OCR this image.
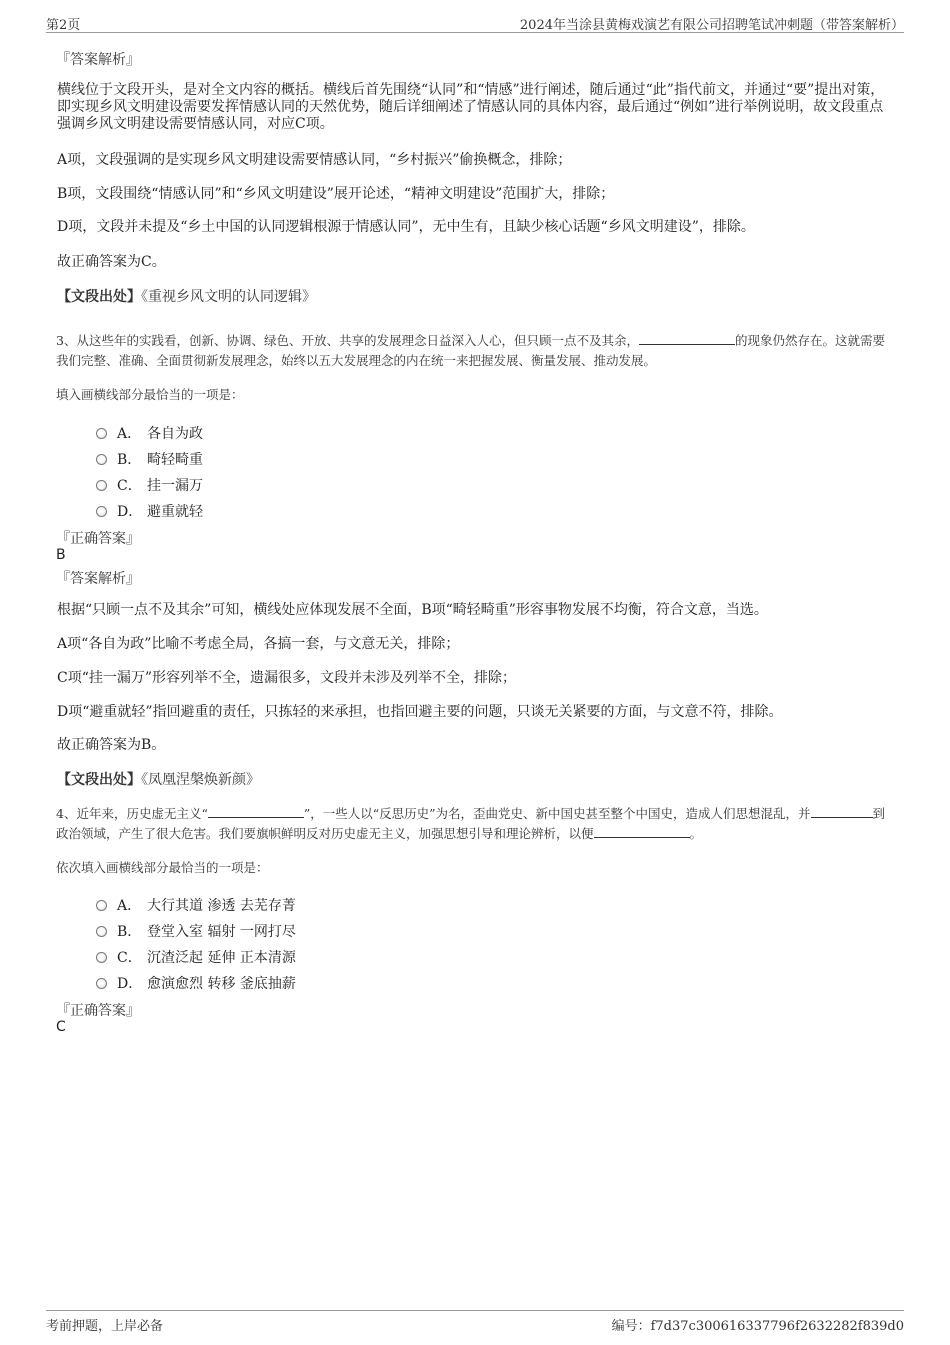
第2页	2024年当涂县黄梅戏演艺有限公司招聘笔试冲刺题（带答案解析）
『答案解析』
横线位于文段开头，是对全文内容的概括。横线后首先围绕“认同”和“情感”进行阐述，随后通过“此”指代前文，并通过“要”提出对策，即实现乡风文明建设需要发挥情感认同的天然优势，随后详细阐述了情感认同的具体内容，最后通过“例如”进行举例说明，故文段重点强调乡风文明建设需要情感认同，对应C项。
A项，文段强调的是实现乡风文明建设需要情感认同，“乡村振兴”偷换概念，排除；
B项，文段围绕“情感认同”和“乡风文明建设”展开论述，“精神文明建设”范围扩大，排除；
D项，文段并未提及“乡土中国的认同逻辑根源于情感认同”，无中生有，且缺少核心话题“乡风文明建设”，排除。
故正确答案为C。
【文段出处】《重视乡风文明的认同逻辑》
3、从这些年的实践看，创新、协调、绿色、开放、共享的发展理念日益深入人心，但只顾一点不及其余，	的现象仍然存在。这就需要我们完整、准确、全面贯彻新发展理念，始终以五大发展理念的内在统一来把握发展、衡量发展、推动发展。
填入画横线部分最恰当的一项是：
A． 各自为政
B． 畸轻畸重
C． 挂一漏万
D． 避重就轻
『正确答案』
B
『答案解析』
根据“只顾一点不及其余”可知，横线处应体现发展不全面，B项“畸轻畸重”形容事物发展不均衡，符合文意，当选。
A项“各自为政”比喻不考虑全局，各搞一套，与文意无关，排除；
C项“挂一漏万”形容列举不全，遗漏很多，文段并未涉及列举不全，排除；
D项“避重就轻”指回避重的责任，只拣轻的来承担，也指回避主要的问题，只谈无关紧要的方面，与文意不符，排除。
故正确答案为B。
【文段出处】《凤凰涅槃焕新颜》
4、近年来，历史虚无主义“	”，一些人以“反思历史”为名，歪曲党史、新中国史甚至整个中国史，造成人们思想混乱，并	到政治领域，产生了很大危害。我们要旗帜鲜明反对历史虚无主义，加强思想引导和理论辨析，以便	。
依次填入画横线部分最恰当的一项是：
A． 大行其道 渗透 去芜存菁
B． 登堂入室 辐射 一网打尽
C． 沉渣泛起 延伸 正本清源
D． 愈演愈烈 转移 釜底抽薪
『正确答案』
C
考前押题，上岸必备	编号：f7d37c300616337796f2632282f839d0
